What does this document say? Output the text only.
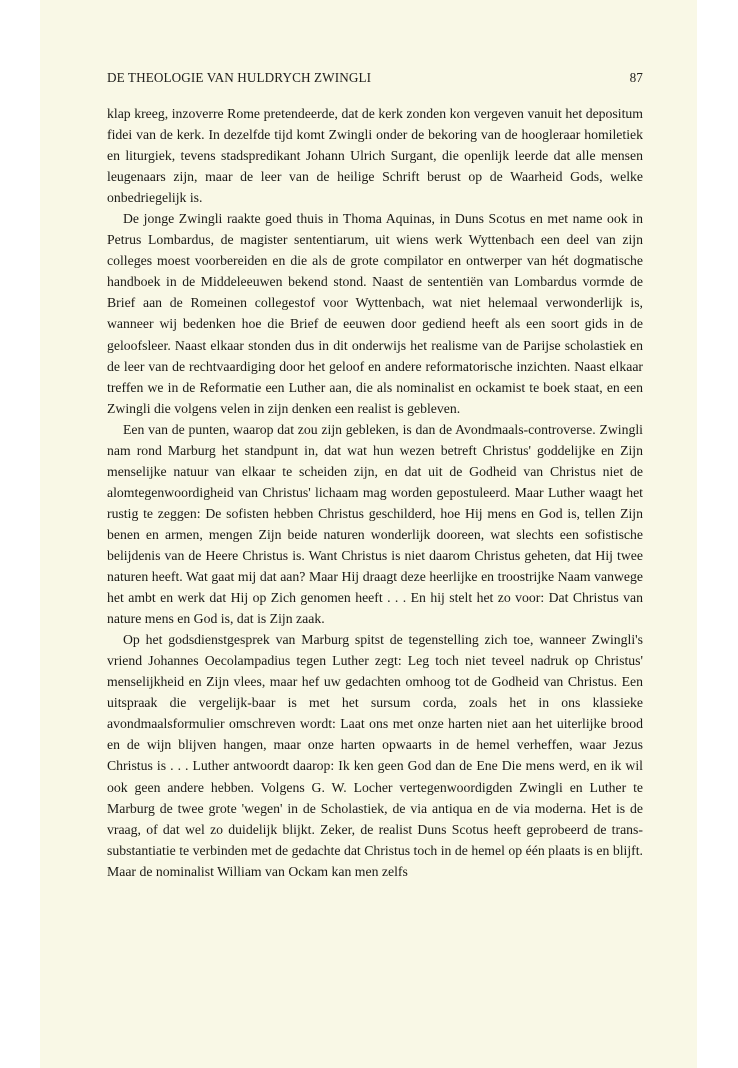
DE THEOLOGIE VAN HULDRYCH ZWINGLI	87

klap kreeg, inzoverre Rome pretendeerde, dat de kerk zonden kon vergeven vanuit het depositum fidei van de kerk. In dezelfde tijd komt Zwingli onder de bekoring van de hoogleraar homiletiek en liturgiek, tevens stadspredikant Johann Ulrich Surgant, die openlijk leerde dat alle mensen leugenaars zijn, maar de leer van de heilige Schrift berust op de Waarheid Gods, welke onbedriegelijk is.

De jonge Zwingli raakte goed thuis in Thoma Aquinas, in Duns Scotus en met name ook in Petrus Lombardus, de magister sententiarum, uit wiens werk Wyttenbach een deel van zijn colleges moest voorbereiden en die als de grote compilator en ontwerper van hét dogmatische handboek in de Middeleeuwen bekend stond. Naast de sententiën van Lombardus vormde de Brief aan de Romeinen collegestof voor Wyttenbach, wat niet helemaal verwonderlijk is, wanneer wij bedenken hoe die Brief de eeuwen door gediend heeft als een soort gids in de geloofsleer. Naast elkaar stonden dus in dit onderwijs het realisme van de Parijse scholastiek en de leer van de rechtvaardiging door het geloof en andere reformatorische inzichten. Naast elkaar treffen we in de Reformatie een Luther aan, die als nominalist en ockamist te boek staat, en een Zwingli die volgens velen in zijn denken een realist is gebleven.

Een van de punten, waarop dat zou zijn gebleken, is dan de Avondmaals-controverse. Zwingli nam rond Marburg het standpunt in, dat wat hun wezen betreft Christus' goddelijke en Zijn menselijke natuur van elkaar te scheiden zijn, en dat uit de Godheid van Christus niet de alomtegenwoordigheid van Christus' lichaam mag worden gepostuleerd. Maar Luther waagt het rustig te zeggen: De sofisten hebben Christus geschilderd, hoe Hij mens en God is, tellen Zijn benen en armen, mengen Zijn beide naturen wonderlijk dooreen, wat slechts een sofistische belijdenis van de Heere Christus is. Want Christus is niet daarom Christus geheten, dat Hij twee naturen heeft. Wat gaat mij dat aan? Maar Hij draagt deze heerlijke en troostrijke Naam vanwege het ambt en werk dat Hij op Zich genomen heeft . . . En hij stelt het zo voor: Dat Christus van nature mens en God is, dat is Zijn zaak.

Op het godsdienstgesprek van Marburg spitst de tegenstelling zich toe, wanneer Zwingli's vriend Johannes Oecolampadius tegen Luther zegt: Leg toch niet teveel nadruk op Christus' menselijkheid en Zijn vlees, maar hef uw gedachten omhoog tot de Godheid van Christus. Een uitspraak die vergelijk-baar is met het sursum corda, zoals het in ons klassieke avondmaalsformulier omschreven wordt: Laat ons met onze harten niet aan het uiterlijke brood en de wijn blijven hangen, maar onze harten opwaarts in de hemel verheffen, waar Jezus Christus is . . . Luther antwoordt daarop: Ik ken geen God dan de Ene Die mens werd, en ik wil ook geen andere hebben. Volgens G. W. Locher vertegenwoordigden Zwingli en Luther te Marburg de twee grote 'wegen' in de Scholastiek, de via antiqua en de via moderna. Het is de vraag, of dat wel zo duidelijk blijkt. Zeker, de realist Duns Scotus heeft geprobeerd de trans-substantiatie te verbinden met de gedachte dat Christus toch in de hemel op één plaats is en blijft. Maar de nominalist William van Ockam kan men zelfs
